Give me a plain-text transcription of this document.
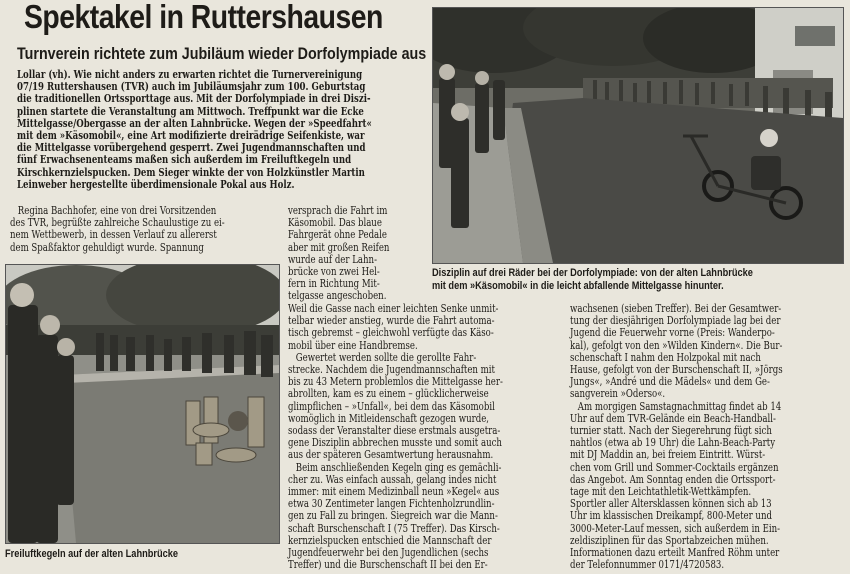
Spektakel in Ruttershausen
Turnverein richtete zum Jubiläum wieder Dorfolympiade aus
Lollar (vh). Wie nicht anders zu erwarten richtet die Turnervereinigung
07/19 Ruttershausen (TVR) auch im Jubiläumsjahr zum 100. Geburtstag
die traditionellen Ortssporttage aus. Mit der Dorfolympiade in drei Diszi-
plinen startete die Veranstaltung am Mittwoch. Treffpunkt war die Ecke
Mittelgasse/Obergasse an der alten Lahnbrücke. Wegen der »Speedfahrt«
mit dem »Käsomobil«, eine Art modifizierte dreirädrige Seifenkiste, war
die Mittelgasse vorübergehend gesperrt. Zwei Jugendmannschaften und
fünf Erwachsenenteams maßen sich außerdem im Freiluftkegeln und
Kirschkernzielspucken. Dem Sieger winkte der von Holzkünstler Martin
Leinweber hergestellte überdimensionale Pokal aus Holz.
Regina Bachhofer, eine von drei Vorsitzenden
des TVR, begrüßte zahlreiche Schaulustige zu ei-
nem Wettbewerb, in dessen Verlauf zu allererst
dem Spaßfaktor gehuldigt wurde. Spannung
versprach die Fahrt im
Käsomobil. Das blaue
Fahrgerät ohne Pedale
aber mit großen Reifen
wurde auf der Lahn-
brücke von zwei Hel-
fern in Richtung Mit-
telgasse angeschoben.
Weil die Gasse nach einer leichten Senke unmit-
telbar wieder anstieg, wurde die Fahrt automa-
tisch gebremst – gleichwohl verfügte das Käso-
mobil über eine Handbremse.
Gewertet werden sollte die gerollte Fahr-
strecke. Nachdem die Jugendmannschaften mit
bis zu 43 Metern problemlos die Mittelgasse her-
abrollten, kam es zu einem – glücklicherweise
glimpflichen – »Unfall«, bei dem das Käsomobil
womöglich in Mitleidenschaft gezogen wurde,
sodass der Veranstalter diese erstmals ausgetra-
gene Disziplin abbrechen musste und somit auch
aus der späteren Gesamtwertung herausnahm.
Beim anschließenden Kegeln ging es gemächli-
cher zu. Was einfach aussah, gelang indes nicht
immer: mit einem Medizinball neun »Kegel« aus
etwa 30 Zentimeter langen Fichtenholzrundlin-
gen zu Fall zu bringen. Siegreich war die Mann-
schaft Burschenschaft I (75 Treffer). Das Kirsch-
kernzielspucken entschied die Mannschaft der
Jugendfeuerwehr bei den Jugendlichen (sechs
Treffer) und die Burschenschaft II bei den Er-
wachsenen (sieben Treffer). Bei der Gesamtwer-
tung der diesjährigen Dorfolympiade lag bei der
Jugend die Feuerwehr vorne (Preis: Wanderpo-
kal), gefolgt von den »Wilden Kindern«. Die Bur-
schenschaft I nahm den Holzpokal mit nach
Hause, gefolgt von der Burschenschaft II, »Jörgs
Jungs«, »André und die Mädels« und dem Ge-
sangverein »Oderso«.
Am morgigen Samstagnachmittag findet ab 14
Uhr auf dem TVR-Gelände ein Beach-Handball-
turnier statt. Nach der Siegerehrung fügt sich
nahtlos (etwa ab 19 Uhr) die Lahn-Beach-Party
mit DJ Maddin an, bei freiem Eintritt. Würst-
chen vom Grill und Sommer-Cocktails ergänzen
das Angebot. Am Sonntag enden die Ortssport-
tage mit den Leichtathletik-Wettkämpfen.
Sportler aller Altersklassen können sich ab 13
Uhr im klassischen Dreikampf, 800-Meter und
3000-Meter-Lauf messen, sich außerdem in Ein-
zeldisziplinen für das Sportabzeichen mühen.
Informationen dazu erteilt Manfred Röhm unter
der Telefonnummer 0171/4720583.
Disziplin auf drei Räder bei der Dorfolympiade: von der alten Lahnbrücke
mit dem »Käsomobil« in die leicht abfallende Mittelgasse hinunter.
Freiluftkegeln auf der alten Lahnbrücke
